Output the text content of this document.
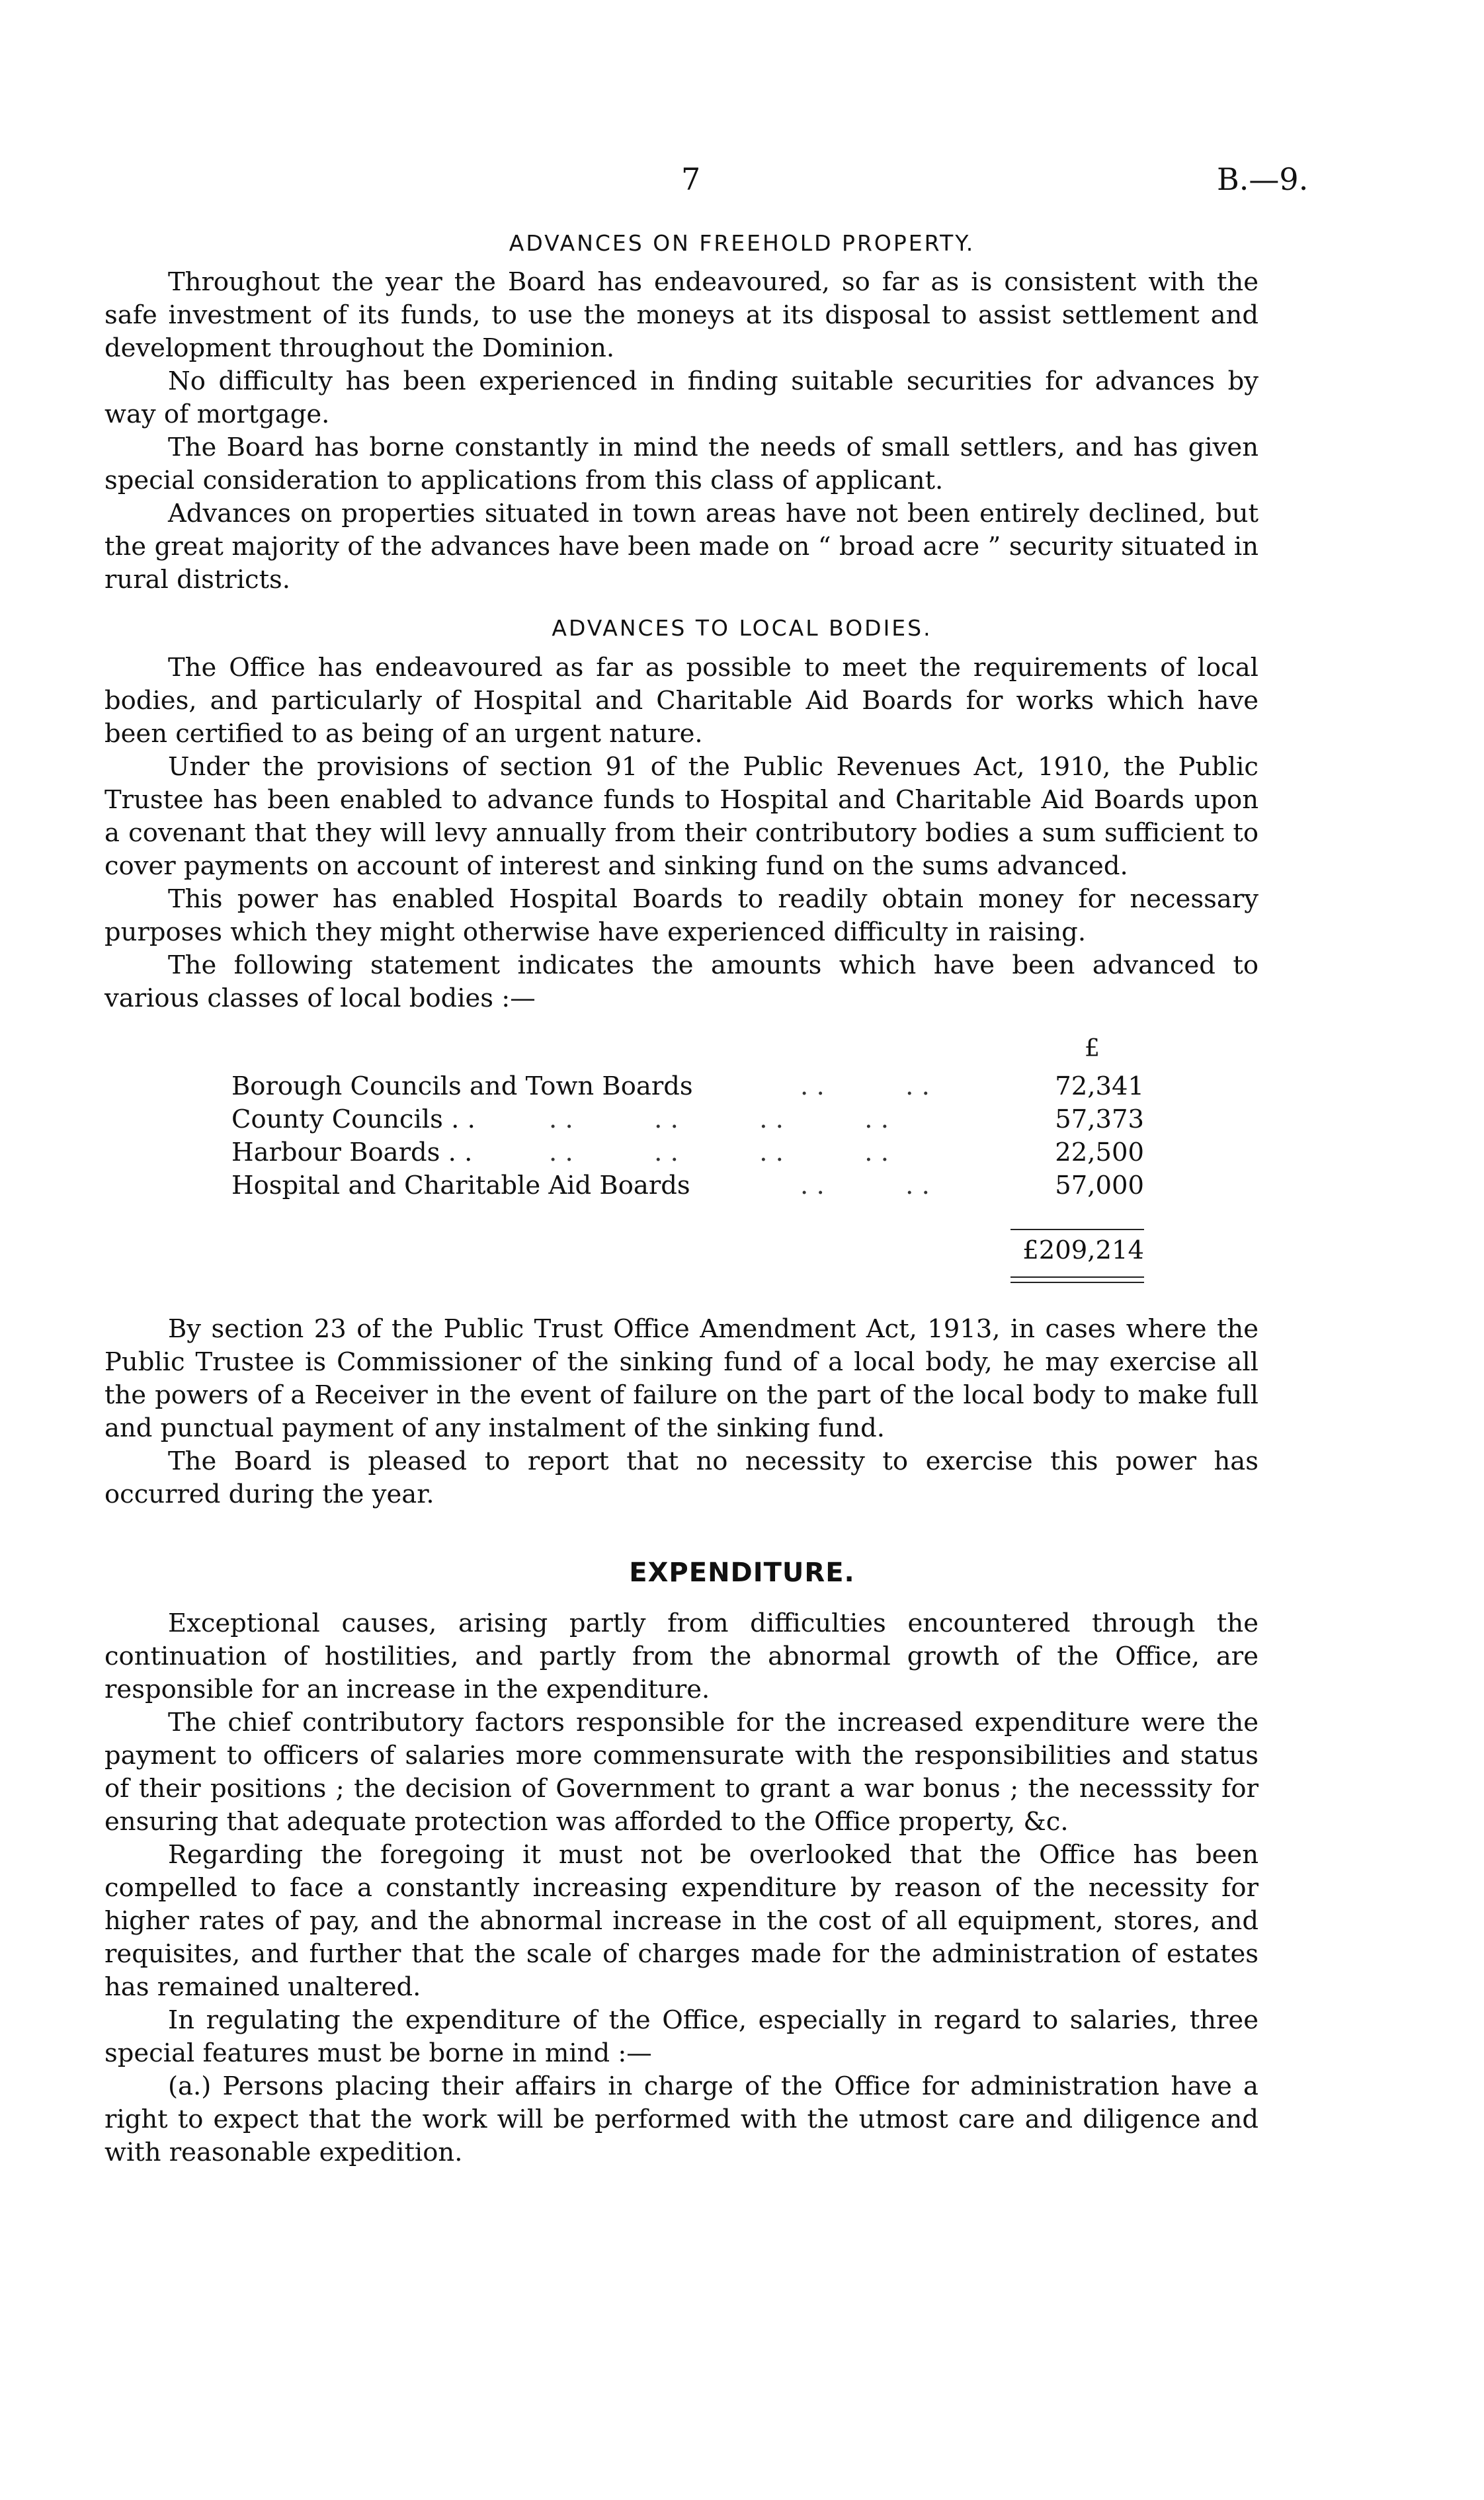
7	B.—9.
ADVANCES ON FREEHOLD PROPERTY.

Throughout the year the Board has endeavoured, so far as is consistent with the safe investment of its funds, to use the moneys at its disposal to assist settlement and development throughout the Dominion.

No difficulty has been experienced in finding suitable securities for advances by way of mortgage.

The Board has borne constantly in mind the needs of small settlers, and has given special consideration to applications from this class of applicant.

Advances on properties situated in town areas have not been entirely declined, but the great majority of the advances have been made on “ broad acre ” security situated in rural districts.

ADVANCES TO LOCAL BODIES.

The Office has endeavoured as far as possible to meet the requirements of local bodies, and particularly of Hospital and Charitable Aid Boards for works which have been certified to as being of an urgent nature.

Under the provisions of section 91 of the Public Revenues Act, 1910, the Public Trustee has been enabled to advance funds to Hospital and Charitable Aid Boards upon a covenant that they will levy annually from their contributory bodies a sum sufficient to cover payments on account of interest and sinking fund on the sums advanced.

This power has enabled Hospital Boards to readily obtain money for necessary purposes which they might otherwise have experienced difficulty in raising.

The following statement indicates the amounts which have been advanced to various classes of local bodies :—

£
Borough Councils and Town Boards	. .          . .	72,341
County Councils . .	. .          . .          . .          . .	57,373
Harbour Boards . .	. .          . .          . .          . .	22,500
Hospital and Charitable Aid Boards	. .          . .	57,000
£209,214

By section 23 of the Public Trust Office Amendment Act, 1913, in cases where the Public Trustee is Commissioner of the sinking fund of a local body, he may exercise all the powers of a Receiver in the event of failure on the part of the local body to make full and punctual payment of any instalment of the sinking fund.

The Board is pleased to report that no necessity to exercise this power has occurred during the year.

EXPENDITURE.

Exceptional causes, arising partly from difficulties encountered through the continuation of hostilities, and partly from the abnormal growth of the Office, are responsible for an increase in the expenditure.

The chief contributory factors responsible for the increased expenditure were the payment to officers of salaries more commensurate with the responsibilities and status of their positions ; the decision of Government to grant a war bonus ; the necesssity for ensuring that adequate protection was afforded to the Office property, &c.

Regarding the foregoing it must not be overlooked that the Office has been compelled to face a constantly increasing expenditure by reason of the necessity for higher rates of pay, and the abnormal increase in the cost of all equipment, stores, and requisites, and further that the scale of charges made for the administration of estates has remained unaltered.

In regulating the expenditure of the Office, especially in regard to salaries, three special features must be borne in mind :—

(a.) Persons placing their affairs in charge of the Office for administration have a right to expect that the work will be performed with the utmost care and diligence and with reasonable expedition.
